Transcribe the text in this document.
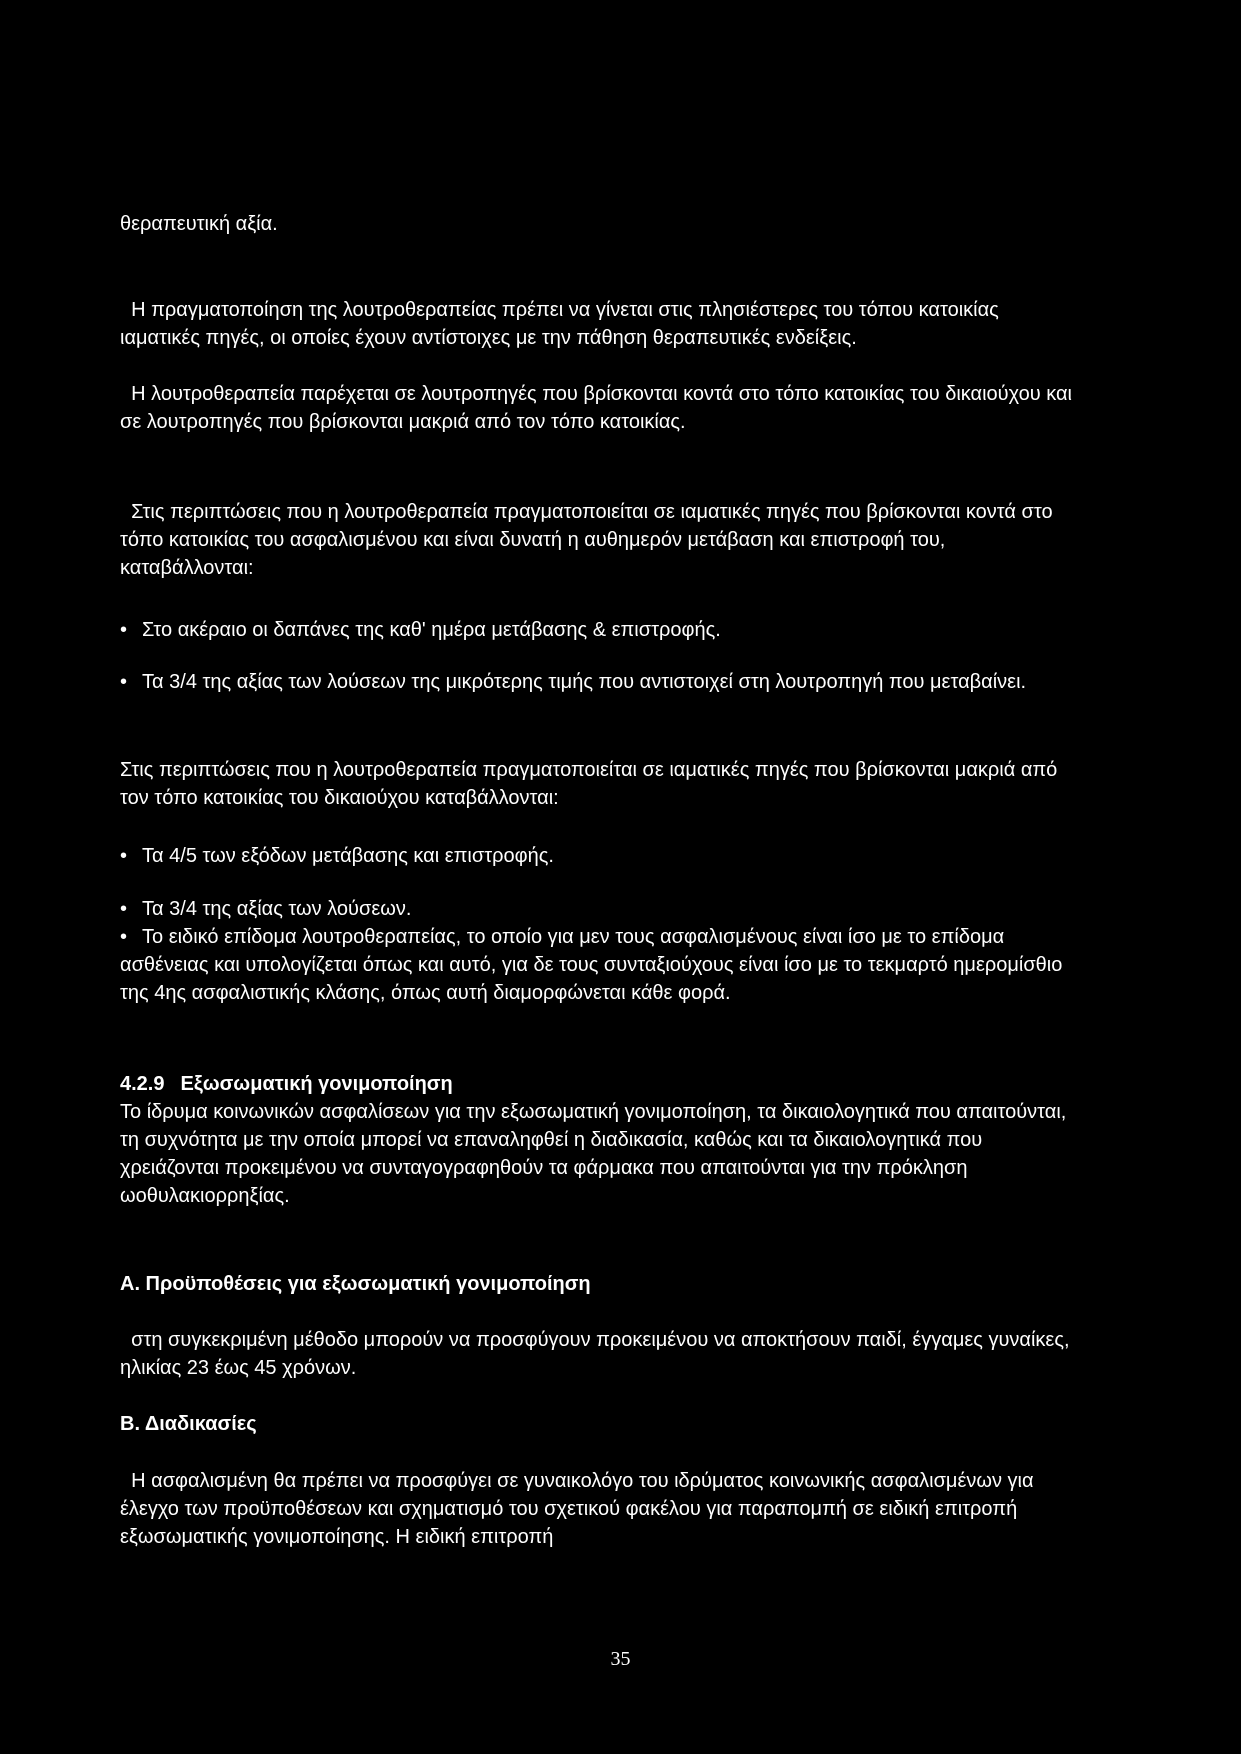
θεραπευτική αξία.

Η πραγματοποίηση της λουτροθεραπείας πρέπει να γίνεται στις πλησιέστερες του τόπου κατοικίας ιαματικές πηγές, οι οποίες έχουν αντίστοιχες με την πάθηση θεραπευτικές ενδείξεις.

Η λουτροθεραπεία παρέχεται σε λουτροπηγές που βρίσκονται κοντά στο τόπο κατοικίας του δικαιούχου και σε λουτροπηγές που βρίσκονται μακριά από τον τόπο κατοικίας.

Στις περιπτώσεις που η λουτροθεραπεία πραγματοποιείται σε ιαματικές πηγές που βρίσκονται κοντά στο τόπο κατοικίας του ασφαλισμένου και είναι δυνατή η αυθημερόν μετάβαση και επιστροφή του, καταβάλλονται:

• Στο ακέραιο οι δαπάνες της καθ' ημέρα μετάβασης & επιστροφής.
• Τα 3/4 της αξίας των λούσεων της μικρότερης τιμής που αντιστοιχεί στη λουτροπηγή που μεταβαίνει.

Στις περιπτώσεις που η λουτροθεραπεία πραγματοποιείται σε ιαματικές πηγές που βρίσκονται μακριά από τον τόπο κατοικίας του δικαιούχου καταβάλλονται:

• Τα 4/5 των εξόδων μετάβασης και επιστροφής.
• Τα 3/4 της αξίας των λούσεων.
• Το ειδικό επίδομα λουτροθεραπείας, το οποίο για μεν τους ασφαλισμένους είναι ίσο με το επίδομα ασθένειας και υπολογίζεται όπως και αυτό, για δε τους συνταξιούχους είναι ίσο με το τεκμαρτό ημερομίσθιο της 4ης ασφαλιστικής κλάσης, όπως αυτή διαμορφώνεται κάθε φορά.
4.2.9 Εξωσωματική γονιμοποίηση

Το ίδρυμα κοινωνικών ασφαλίσεων για την εξωσωματική γονιμοποίηση, τα δικαιολογητικά που απαιτούνται, τη συχνότητα με την οποία μπορεί να επαναληφθεί η διαδικασία, καθώς και τα δικαιολογητικά που χρειάζονται προκειμένου να συνταγογραφηθούν τα φάρμακα που απαιτούνται για την πρόκληση ωοθυλακιορρηξίας.

Α. Προϋποθέσεις για εξωσωματική γονιμοποίηση

στη συγκεκριμένη μέθοδο μπορούν να προσφύγουν προκειμένου να αποκτήσουν παιδί, έγγαμες γυναίκες, ηλικίας 23 έως 45 χρόνων.

Β. Διαδικασίες

Η ασφαλισμένη θα πρέπει να προσφύγει σε γυναικολόγο του ιδρύματος κοινωνικής ασφαλισμένων για έλεγχο των προϋποθέσεων και σχηματισμό του σχετικού φακέλου για παραπομπή σε ειδική επιτροπή εξωσωματικής γονιμοποίησης. Η ειδική επιτροπή

35
